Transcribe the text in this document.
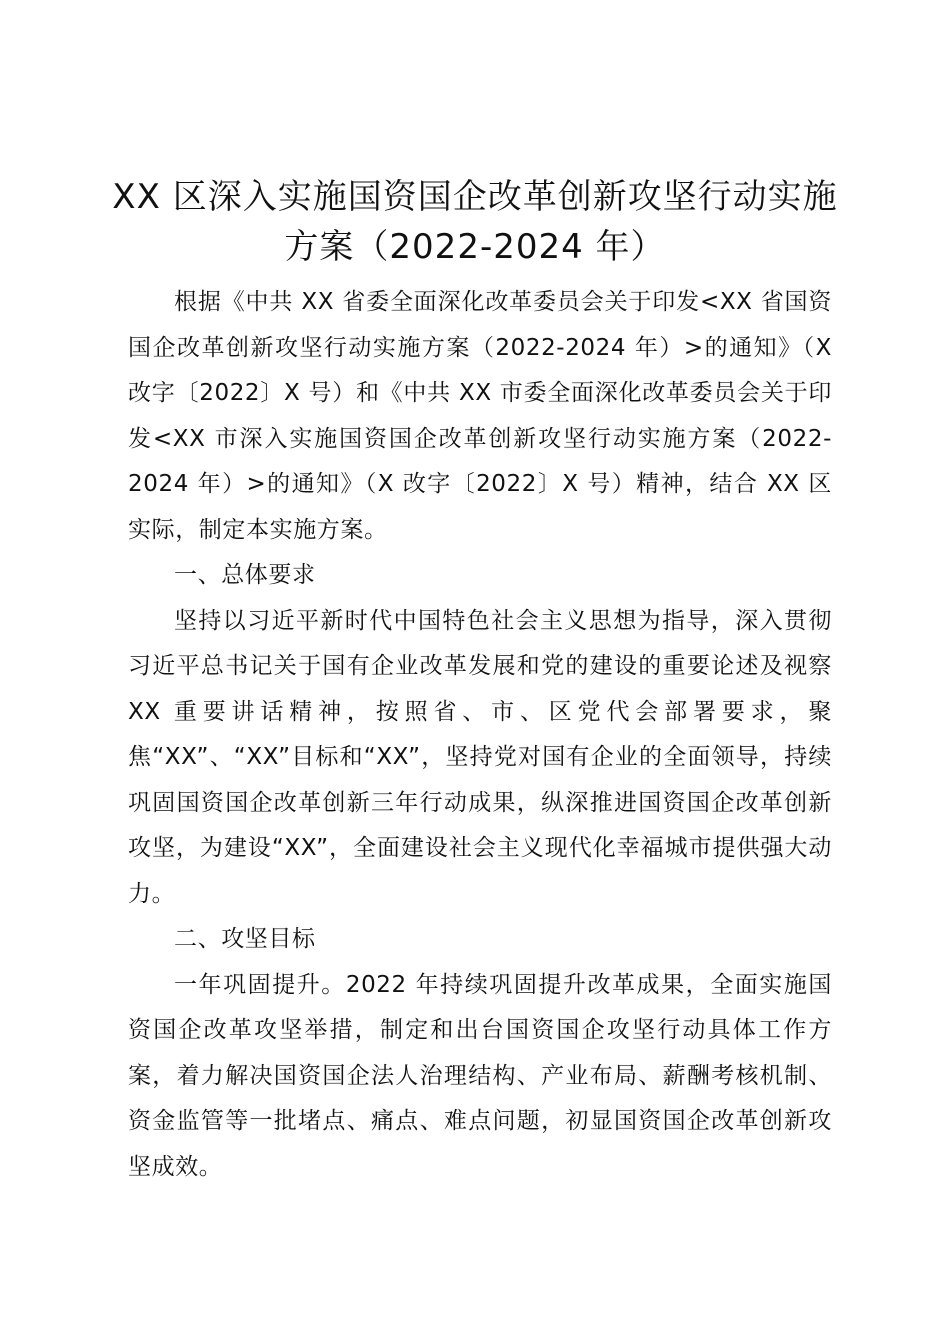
XX 区深入实施国资国企改革创新攻坚行动实施方案（2022-2024 年）

根据《中共 XX 省委全面深化改革委员会关于印发<XX 省国资国企改革创新攻坚行动实施方案（2022-2024 年）>的通知》（X 改字〔2022〕X 号）和《中共 XX 市委全面深化改革委员会关于印发<XX 市深入实施国资国企改革创新攻坚行动实施方案（2022-2024 年）>的通知》（X 改字〔2022〕X 号）精神，结合 XX 区实际，制定本实施方案。

一、总体要求

坚持以习近平新时代中国特色社会主义思想为指导，深入贯彻习近平总书记关于国有企业改革发展和党的建设的重要论述及视察XX 重要讲话精神，按照省、市、区党代会部署要求，聚焦“XX”、“XX”目标和“XX”，坚持党对国有企业的全面领导，持续巩固国资国企改革创新三年行动成果，纵深推进国资国企改革创新攻坚，为建设“XX”，全面建设社会主义现代化幸福城市提供强大动力。

二、攻坚目标

一年巩固提升。2022 年持续巩固提升改革成果，全面实施国资国企改革攻坚举措，制定和出台国资国企攻坚行动具体工作方案，着力解决国资国企法人治理结构、产业布局、薪酬考核机制、资金监管等一批堵点、痛点、难点问题，初显国资国企改革创新攻坚成效。
